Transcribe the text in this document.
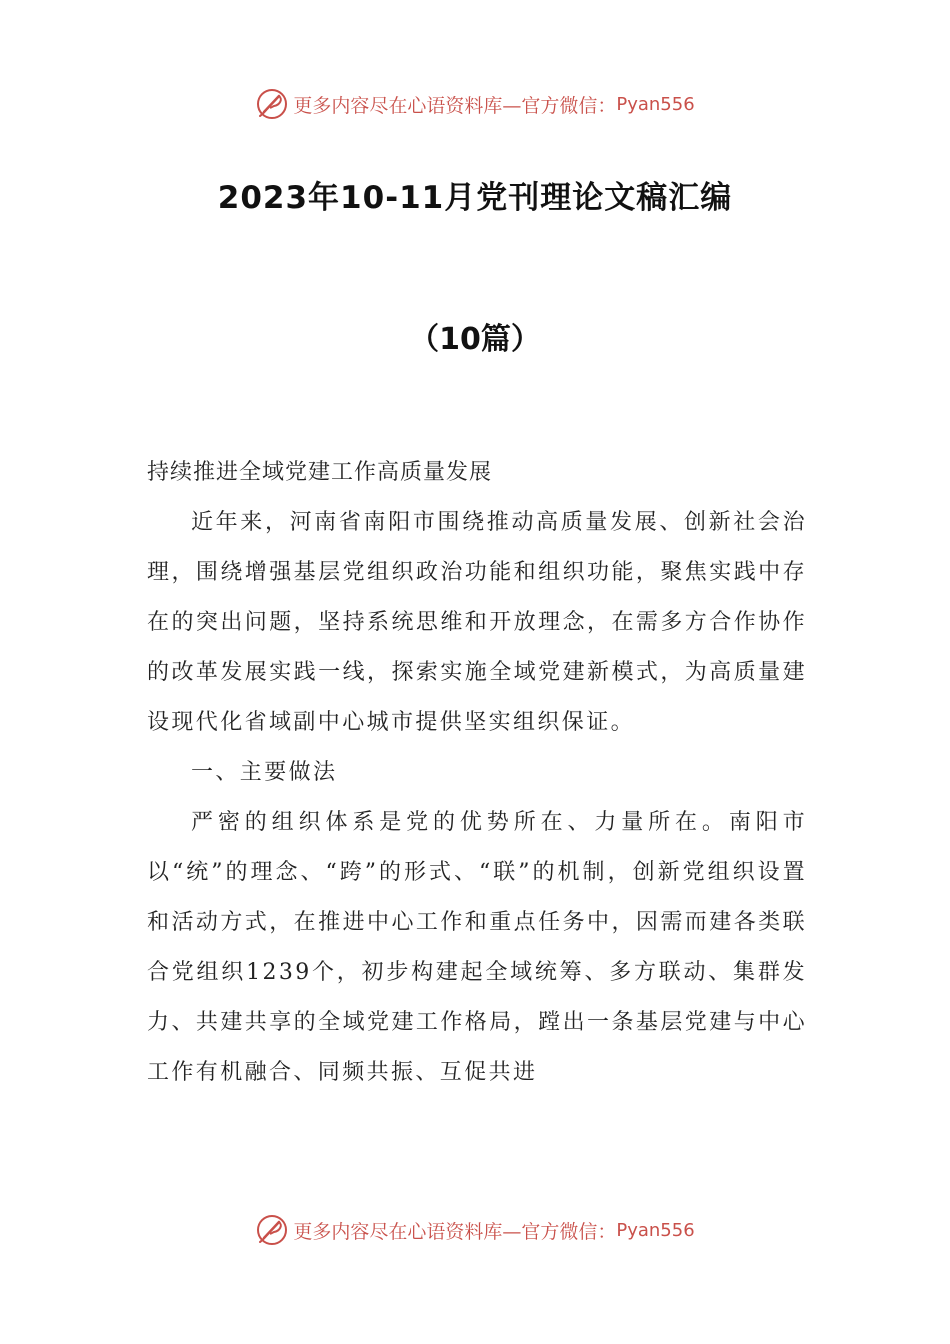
更多内容尽在心语资料库—官方微信： Pyan556
2023年10-11月党刊理论文稿汇编
（10篇）

持续推进全域党建工作高质量发展

近年来，河南省南阳市围绕推动高质量发展、创新社会治理，围绕增强基层党组织政治功能和组织功能，聚焦实践中存在的突出问题，坚持系统思维和开放理念，在需多方合作协作的改革发展实践一线，探索实施全域党建新模式，为高质量建设现代化省域副中心城市提供坚实组织保证。

一、主要做法

严密的组织体系是党的优势所在、力量所在。南阳市以“统”的理念、“跨”的形式、“联”的机制，创新党组织设置和活动方式，在推进中心工作和重点任务中，因需而建各类联合党组织1239个，初步构建起全域统筹、多方联动、集群发力、共建共享的全域党建工作格局，蹚出一条基层党建与中心工作有机融合、同频共振、互促共进

更多内容尽在心语资料库—官方微信： Pyan556
